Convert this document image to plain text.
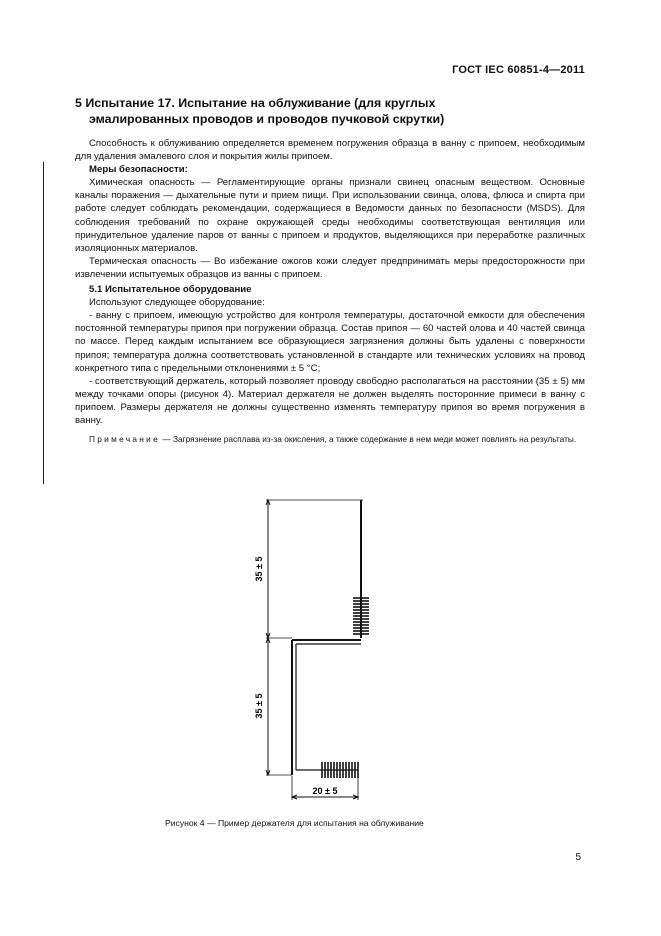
ГОСТ IEC 60851-4—2011
5 Испытание 17. Испытание на облуживание (для круглых
эмалированных проводов и проводов пучковой скрутки)

Способность к облуживанию определяется временем погружения образца в ванну с припоем, необходимым для удаления эмалевого слоя и покрытия жилы припоем.

Меры безопасности:

Химическая опасность — Регламентирующие органы признали свинец опасным веществом. Основные каналы поражения — дыхательные пути и прием пищи. При использовании свинца, олова, флюса и спирта при работе следует соблюдать рекомендации, содержащиеся в Ведомости данных по безопасности (MSDS). Для соблюдения требований по охране окружающей среды необходимы соответствующая вентиляция или принудительное удаление паров от ванны с припоем и продуктов, выделяющихся при переработке различных изоляционных материалов.

Термическая опасность — Во избежание ожогов кожи следует предпринимать меры предосторожности при извлечении испытуемых образцов из ванны с припоем.

5.1 Испытательное оборудование

Используют следующее оборудование:

- ванну с припоем, имеющую устройство для контроля температуры, достаточной емкости для обеспечения постоянной температуры припоя при погружении образца. Состав припоя — 60 частей олова и 40 частей свинца по массе. Перед каждым испытанием все образующиеся загрязнения должны быть удалены с поверхности припоя; температура должна соответствовать установленной в стандарте или технических условиях на провод конкретного типа с предельными отклонениями ± 5 °С;

- соответствующий держатель, который позволяет проводу свободно располагаться на расстоянии (35 ± 5) мм между точками опоры (рисунок 4). Материал держателя не должен выделять посторонние примеси в ванну с припоем. Размеры держателя не должны существенно изменять температуру припоя во время погружения в ванну.

Примечание — Загрязнение расплава из-за окисления, а также содержание в нем меди может повлиять на результаты.

35 ± 5
35 ± 5
20 ± 5
Рисунок 4 — Пример держателя для испытания на облуживание
5
